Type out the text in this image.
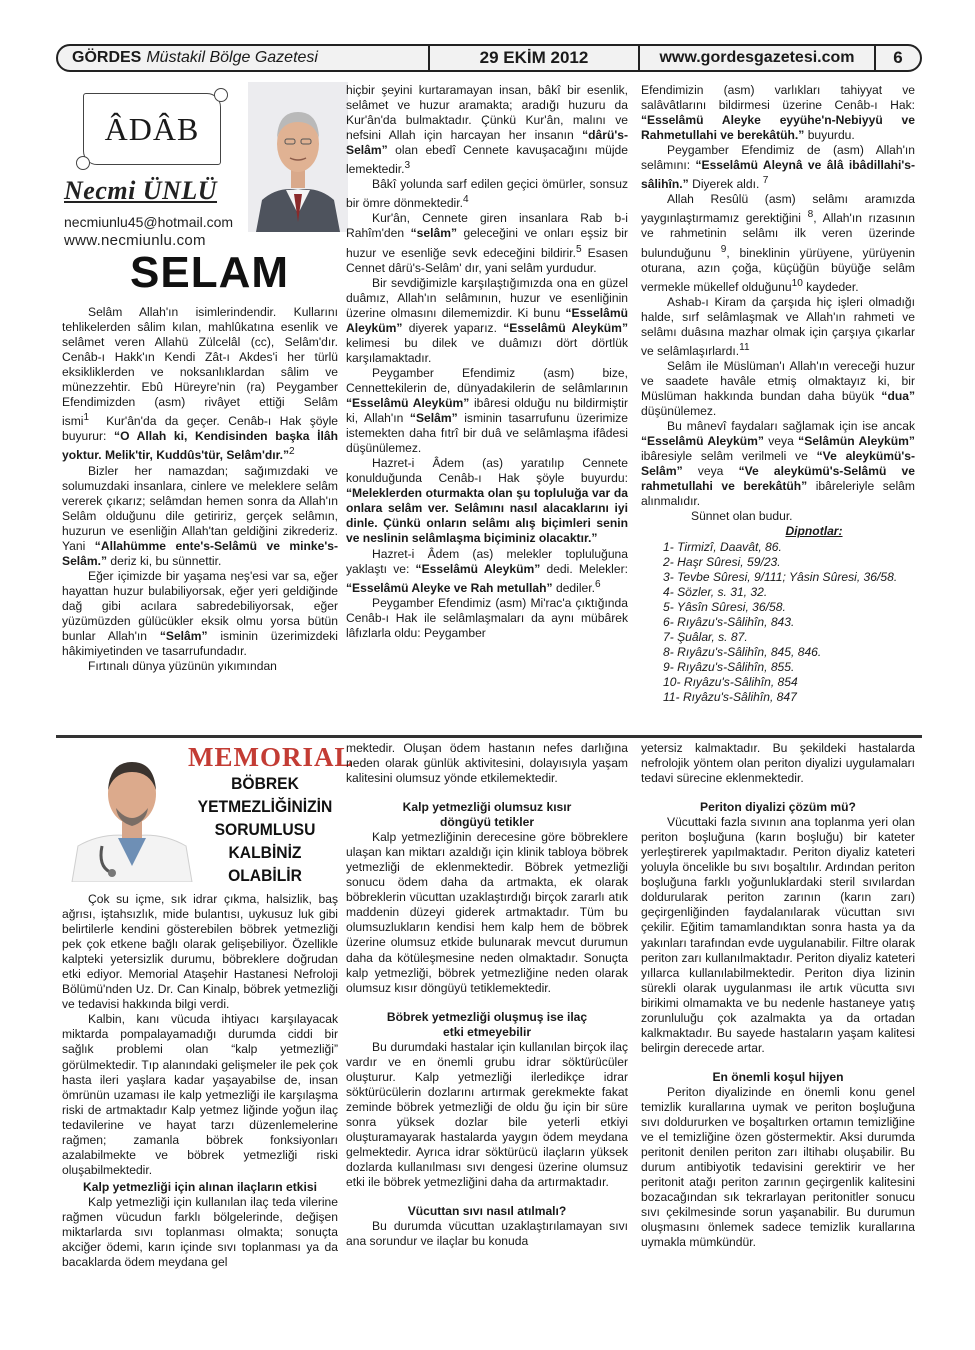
GÖRDES Müstakil Bölge Gazetesi	29 EKİM 2012	www.gordesgazetesi.com	6
ÂDÂB
Necmi ÜNLÜ
necmiunlu45@hotmail.com
www.necmiunlu.com
SELAM

Selâm Allah'ın isimlerindendir. Kullarını tehlikelerden sâlim kılan, mahlûkatına esenlik ve selâmet veren Allahü Zülcelâl (cc), Selâm'dır. Cenâb-ı Hakk'ın Kendi Zât-ı Akdes'i her türlü eksikliklerden ve noksanlıklardan sâlim ve münezzehtir. Ebû Hüreyre'nin (ra) Peygamber Efendimizden (asm) rivâyet ettiği Selâm ismi$^1$ Kur'ân'da da geçer. Cenâb-ı Hak şöyle buyurur: “O Allah ki, Kendisinden başka İlâh yoktur. Melik'tir, Kuddûs'tür, Selâm'dır.”$^2$

Bizler her namazdan; sağımızdaki ve solumuzdaki insanlara, cinlere ve meleklere selâm vererek çıkarız; selâmdan hemen sonra da Allah'ın Selâm olduğunu dile getiririz, gerçek selâmın, huzurun ve esenliğin Allah'tan geldiğini zikrederiz. Yani “Allahümme ente's-Selâmü ve minke's-Selâm.” deriz ki, bu sünnettir.

Eğer içimizde bir yaşama neş'esi var sa, eğer hayattan huzur bulabiliyorsak, eğer yeri geldiğinde dağ gibi acılara sabredebiliyorsak, eğer yüzümüzden gülücükler eksik olmu yorsa bütün bunlar Allah'ın “Selâm” isminin üzerimizdeki hâkimiyetinden ve tasarrufundadır.

Fırtınalı dünya yüzünün yıkımından

hiçbir şeyini kurtaramayan insan, bâkî bir esenlik, selâmet ve huzur aramakta; aradığı huzuru da Kur'ân'da bulmaktadır. Çünkü Kur'ân, malını ve nefsini Allah için harcayan her insanın “dârü's-Selâm” olan ebedî Cennete kavuşacağını müjde lemektedir.$^3$

Bâkî yolunda sarf edilen geçici ömürler, sonsuz bir ömre dönmektedir.$^4$

Kur'ân, Cennete giren insanlara Rab b-i Rahîm'den “selâm” geleceğini ve onları eşsiz bir huzur ve esenliğe sevk edeceğini bildirir.$^5$ Esasen Cennet dârü's-Selâm' dır, yani selâm yurdudur.

Bir sevdiğimizle karşılaştığımızda ona en güzel duâmız, Allah'ın selâmının, huzur ve esenliğinin üzerine olmasını dilememizdir. Ki bunu “Esselâmü Aleyküm” diyerek yaparız. “Esselâmü Aleyküm” kelimesi bu dilek ve duâmızı dört dörtlük karşılamaktadır.

Peygamber Efendimiz (asm) bize, Cennettekilerin de, dünyadakilerin de selâmlarının “Esselâmü Aleyküm” ibâresi olduğu nu bildirmiştir ki, Allah'ın “Selâm” isminin tasarrufunu üzerimize istemekten daha fıtrî bir duâ ve selâmlaşma ifâdesi düşünülemez.

Hazret-i Âdem (as) yaratılıp Cennete konulduğunda Cenâb-ı Hak şöyle buyurdu: “Meleklerden oturmakta olan şu topluluğa var da onlara selâm ver. Selâmını nasıl alacaklarını iyi dinle. Çünkü onların selâmı alış biçimleri senin ve neslinin selâmlaşma biçiminiz olacaktır.”

Hazret-i Âdem (as) melekler topluluğuna yaklaştı ve: “Esselâmü Aleyküm” dedi. Melekler: “Esselâmü Aleyke ve Rah metullah” dediler.$^6$

Peygamber Efendimiz (asm) Mi'rac'a çıktığında Cenâb-ı Hak ile selâmlaşmaları da aynı mübârek lâfızlarla oldu: Peygamber

Efendimizin (asm) varlıkları tahiyyat ve salâvâtlarını bildirmesi üzerine Cenâb-ı Hak: “Esselâmü Aleyke eyyühe'n-Nebiyyü ve Rahmetullahi ve berekâtüh.” buyurdu.

Peygamber Efendimiz de (asm) Allah'ın selâmını: “Esselâmü Aleynâ ve âlâ ibâdillahi's-sâlihîn.” Diyerek aldı. $^7$

Allah Resûlü (asm) selâmı aramızda yaygınlaştırmamız gerektiğini $^8$, Allah'ın rızasının ve rahmetinin selâmı ilk veren üzerinde bulunduğunu $^9$, bineklinin yürüyene, yürüyenin oturana, azın çoğa, küçüğün büyüğe selâm vermekle mükellef olduğunu$^{10}$ kaydeder.

Ashab-ı Kiram da çarşıda hiç işleri olmadığı halde, sırf selâmlaşmak ve Allah'ın rahmeti ve selâmı duâsına mazhar olmak için çarşıya çıkarlar ve selâmlaşırlardı.$^{11}$

Selâm ile Müslüman'ı Allah'ın vereceği huzur ve saadete havâle etmiş olmaktayız ki, bir Müslüman hakkında bundan daha büyük “dua” düşünülemez.

Bu mânevî faydaları sağlamak için ise ancak “Esselâmü Aleyküm” veya “Selâmün Aleyküm” ibâresiyle selâm verilmeli ve “Ve aleykümü's-Selâm” veya “Ve aleykümü's-Selâmü ve rahmetullahi ve berekâtüh” ibâreleriyle selâm alınmalıdır.

Sünnet olan budur.

Dipnotlar:
1- Tirmizî, Daavât, 86.
2- Haşr Sûresi, 59/23.
3- Tevbe Sûresi, 9/111; Yâsin Sûresi, 36/58.
4- Sözler, s. 31, 32.
5- Yâsîn Sûresi, 36/58.
6- Rıyâzu's-Sâlihîn, 843.
7- Şuâlar, s. 87.
8- Rıyâzu's-Sâlihîn, 845, 846.
9- Rıyâzu's-Sâlihîn, 855.
10- Rıyâzu's-Sâlihîn, 854
11- Rıyâzu's-Sâlihîn, 847
MEMORIAL
BÖBREK
YETMEZLİĞİNİZİN
SORUMLUSU
KALBİNİZ
OLABİLİR

Çok su içme, sık idrar çıkma, halsizlik, baş ağrısı, iştahsızlık, mide bulantısı, uykusuz luk gibi belirtilerle kendini gösterebilen böbrek yetmezliği pek çok etkene bağlı olarak gelişebiliyor. Özellikle kalpteki yetersizlik durumu, böbreklere doğrudan etki ediyor. Memorial Ataşehir Hastanesi Nefroloji Bölümü'nden Uz. Dr. Can Kinalp, böbrek yetmezliği ve tedavisi hakkında bilgi verdi.

Kalbin, kanı vücuda ihtiyacı karşılayacak miktarda pompalayamadığı durumda ciddi bir sağlık problemi olan “kalp yetmezliği” görülmektedir. Tıp alanındaki gelişmeler ile pek çok hasta ileri yaşlara kadar yaşayabilse de, insan ömrünün uzaması ile kalp yetmezliği ile karşılaşma riski de artmaktadır Kalp yetmez liğinde yoğun ilaç tedavilerine ve hayat tarzı düzenlemelerine rağmen; zamanla böbrek fonksiyonları azalabilmekte ve böbrek yetmezliği riski oluşabilmektedir.

Kalp yetmezliği için alınan ilaçların etkisi

Kalp yetmezliği için kullanılan ilaç teda vilerine rağmen vücudun farklı bölgelerinde, değişen miktarlarda sıvı toplanması olmakta; sonuçta akciğer ödemi, karın içinde sıvı toplanması ya da bacaklarda ödem meydana gel

mektedir. Oluşan ödem hastanın nefes darlığına neden olarak günlük aktivitesini, dolayısıyla yaşam kalitesini olumsuz yönde etkilemektedir.

Kalp yetmezliği olumsuz kısır döngüyü tetikler

Kalp yetmezliğinin derecesine göre böbreklere ulaşan kan miktarı azaldığı için klinik tabloya böbrek yetmezliği de eklenmektedir. Böbrek yetmezliği sonucu ödem daha da artmakta, ek olarak böbreklerin vücuttan uzaklaştırdığı birçok zararlı atık maddenin düzeyi giderek artmaktadır. Tüm bu olumsuzlukların kendisi hem kalp hem de böbrek üzerine olumsuz etkide bulunarak mevcut durumun daha da kötüleşmesine neden olmaktadır. Sonuçta kalp yetmezliği, böbrek yetmezliğine neden olarak olumsuz kısır döngüyü tetiklemektedir.

Böbrek yetmezliği oluşmuş ise ilaç etki etmeyebilir

Bu durumdaki hastalar için kullanılan birçok ilaç vardır ve en önemli grubu idrar söktürücüler oluşturur. Kalp yetmezliği ilerledikçe idrar söktürücülerin dozlarını artırmak gerekmekte fakat zeminde böbrek yetmezliği de oldu ğu için bir süre sonra yüksek dozlar bile yeterli etkiyi oluşturamayarak hastalarda yaygın ödem meydana gelmektedir. Ayrıca idrar söktürücü ilaçların yüksek dozlarda kullanılması sıvı dengesi üzerine olumsuz etki ile böbrek yetmezliğini daha da artırmaktadır.

Vücuttan sıvı nasıl atılmalı?

Bu durumda vücuttan uzaklaştırılamayan sıvı ana sorundur ve ilaçlar bu konuda

yetersiz kalmaktadır. Bu şekildeki hastalarda nefrolojik yöntem olan periton diyalizi uygulamaları tedavi sürecine eklenmektedir.

Periton diyalizi çözüm mü?

Vücuttaki fazla sıvının ana toplanma yeri olan periton boşluğuna (karın boşluğu) bir kateter yerleştirerek yapılmaktadır. Periton diyaliz kateteri yoluyla öncelikle bu sıvı boşaltılır. Ardından periton boşluğuna farklı yoğunluklardaki steril sıvılardan doldurularak periton zarının (karın zarı) geçirgenliğinden faydalanılarak vücuttan sıvı çekilir. Eğitim tamamlandıktan sonra hasta ya da yakınları tarafından evde uygulanabilir. Filtre olarak periton zarı kullanılmaktadır. Periton diyaliz kateteri yıllarca kullanılabilmektedir. Periton diya lizinin sürekli olarak uygulanması ile artık vücutta sıvı birikimi olmamakta ve bu nedenle hastaneye yatış zorunluluğu çok azalmakta ya da ortadan kalkmaktadır. Bu sayede hastaların yaşam kalitesi belirgin derecede artar.

En önemli koşul hijyen

Periton diyalizinde en önemli konu genel temizlik kurallarına uymak ve periton boşluğuna sıvı doldururken ve boşaltırken ortamın temizliğine ve el temizliğine özen göstermektir. Aksi durumda peritonit denilen periton zarı iltihabı oluşabilir. Bu durum antibiyotik tedavisini gerektirir ve her peritonit atağı periton zarının geçirgenlik kalitesini bozacağından sık tekrarlayan peritonitler sonucu sıvı çekilmesinde sorun yaşanabilir. Bu durumun oluşmasını önlemek sadece temizlik kurallarına uymakla mümkündür.
